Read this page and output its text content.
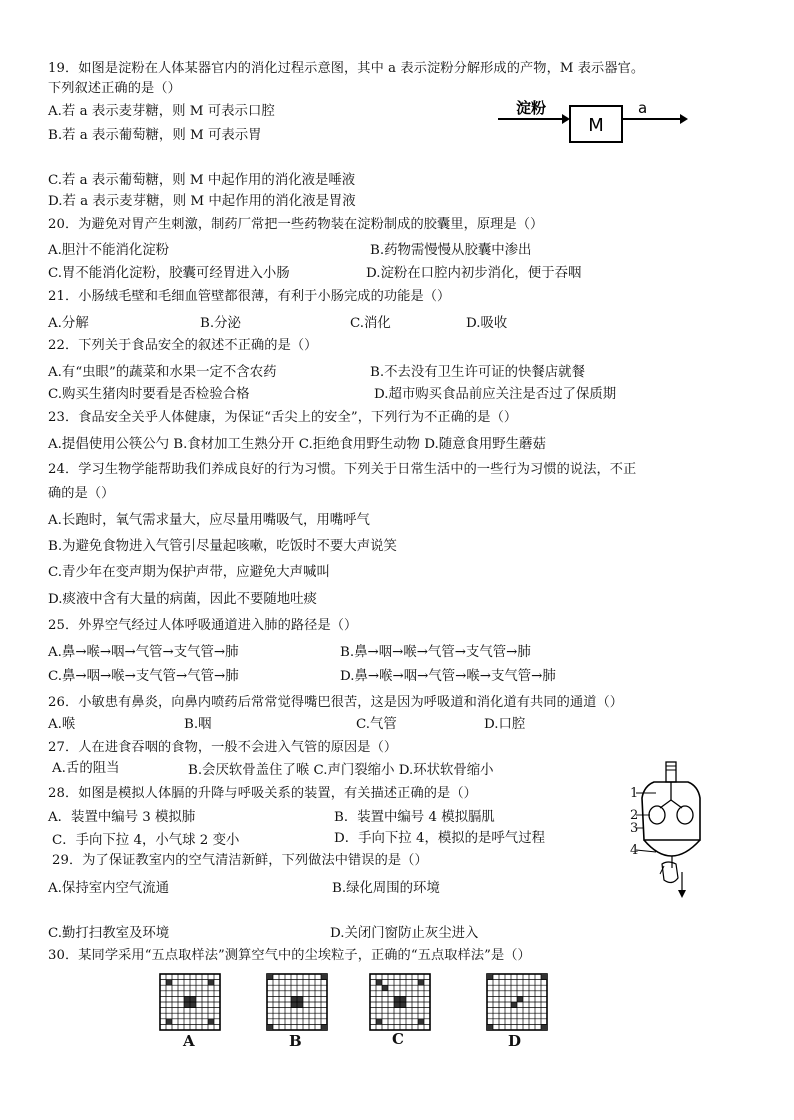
19．如图是淀粉在人体某器官内的消化过程示意图，其中 a 表示淀粉分解形成的产物，M 表示器官。
下列叙述正确的是（）
A.若 a 表示麦芽糖，则 M 可表示口腔
B.若 a 表示葡萄糖，则 M 可表示胃
淀粉
M
a
C.若 a 表示葡萄糖，则 M 中起作用的消化液是唾液
D.若 a 表示麦芽糖，则 M 中起作用的消化液是胃液
20．为避免对胃产生刺激，制药厂常把一些药物装在淀粉制成的胶囊里，原理是（）
A.胆汁不能消化淀粉	B.药物需慢慢从胶囊中渗出
C.胃不能消化淀粉，胶囊可经胃进入小肠	D.淀粉在口腔内初步消化，便于吞咽
21．小肠绒毛壁和毛细血管壁都很薄，有利于小肠完成的功能是（）
A.分解	B.分泌	C.消化	D.吸收
22．下列关于食品安全的叙述不正确的是（）
A.有“虫眼”的蔬菜和水果一定不含农药	B.不去没有卫生许可证的快餐店就餐
C.购买生猪肉时要看是否检验合格	D.超市购买食品前应关注是否过了保质期
23．食品安全关乎人体健康，为保证“舌尖上的安全”，下列行为不正确的是（）
A.提倡使用公筷公勺 B.食材加工生熟分开 C.拒绝食用野生动物 D.随意食用野生蘑菇
24．学习生物学能帮助我们养成良好的行为习惯。下列关于日常生活中的一些行为习惯的说法，不正
确的是（）
A.长跑时，氧气需求量大，应尽量用嘴吸气，用嘴呼气
B.为避免食物进入气管引尽量起咳嗽，吃饭时不要大声说笑
C.青少年在变声期为保护声带，应避免大声喊叫
D.痰液中含有大量的病菌，因此不要随地吐痰
25．外界空气经过人体呼吸通道进入肺的路径是（）
A.鼻→喉→咽→气管→支气管→肺	B.鼻→咽→喉→气管→支气管→肺
C.鼻→咽→喉→支气管→气管→肺	D.鼻→喉→咽→气管→喉→支气管→肺
26．小敏患有鼻炎，向鼻内喷药后常常觉得嘴巴很苦，这是因为呼吸道和消化道有共同的通道（）
A.喉	B.咽	C.气管	D.口腔
27．人在进食吞咽的食物，一般不会进入气管的原因是（）
A.舌的阻当	B.会厌软骨盖住了喉 C.声门裂缩小 D.环状软骨缩小
28．如图是模拟人体膈的升降与呼吸关系的装置，有关描述正确的是（）
A．装置中编号 3 模拟肺	B．装置中编号 4 模拟膈肌
C．手向下拉 4，小气球 2 变小	D．手向下拉 4，模拟的是呼气过程
1
2
3
4
29．为了保证教室内的空气清洁新鲜，下列做法中错误的是（）
A.保持室内空气流通	B.绿化周围的环境
C.勤打扫教室及环境	D.关闭门窗防止灰尘进入
30．某同学采用“五点取样法”测算空气中的尘埃粒子，正确的“五点取样法”是（）
A	B	C	D
